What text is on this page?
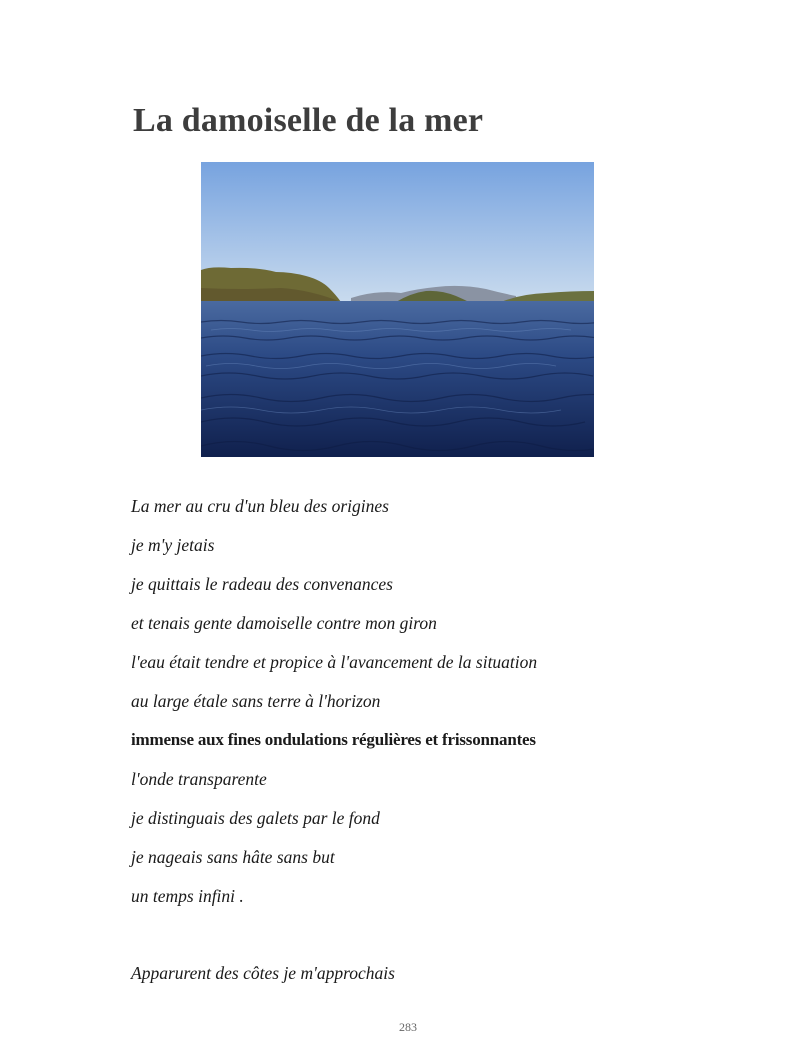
La damoiselle de la mer
La mer au cru d'un bleu des origines
je m'y jetais
je quittais le radeau des convenances
et tenais gente damoiselle contre mon giron
l'eau était tendre et propice à l'avancement de la situation
au large étale sans terre à l'horizon
immense aux fines ondulations régulières et frissonnantes
l'onde transparente
je distinguais des galets par le fond
je nageais sans hâte sans but
un temps infini .
Apparurent des côtes je m'approchais
283
